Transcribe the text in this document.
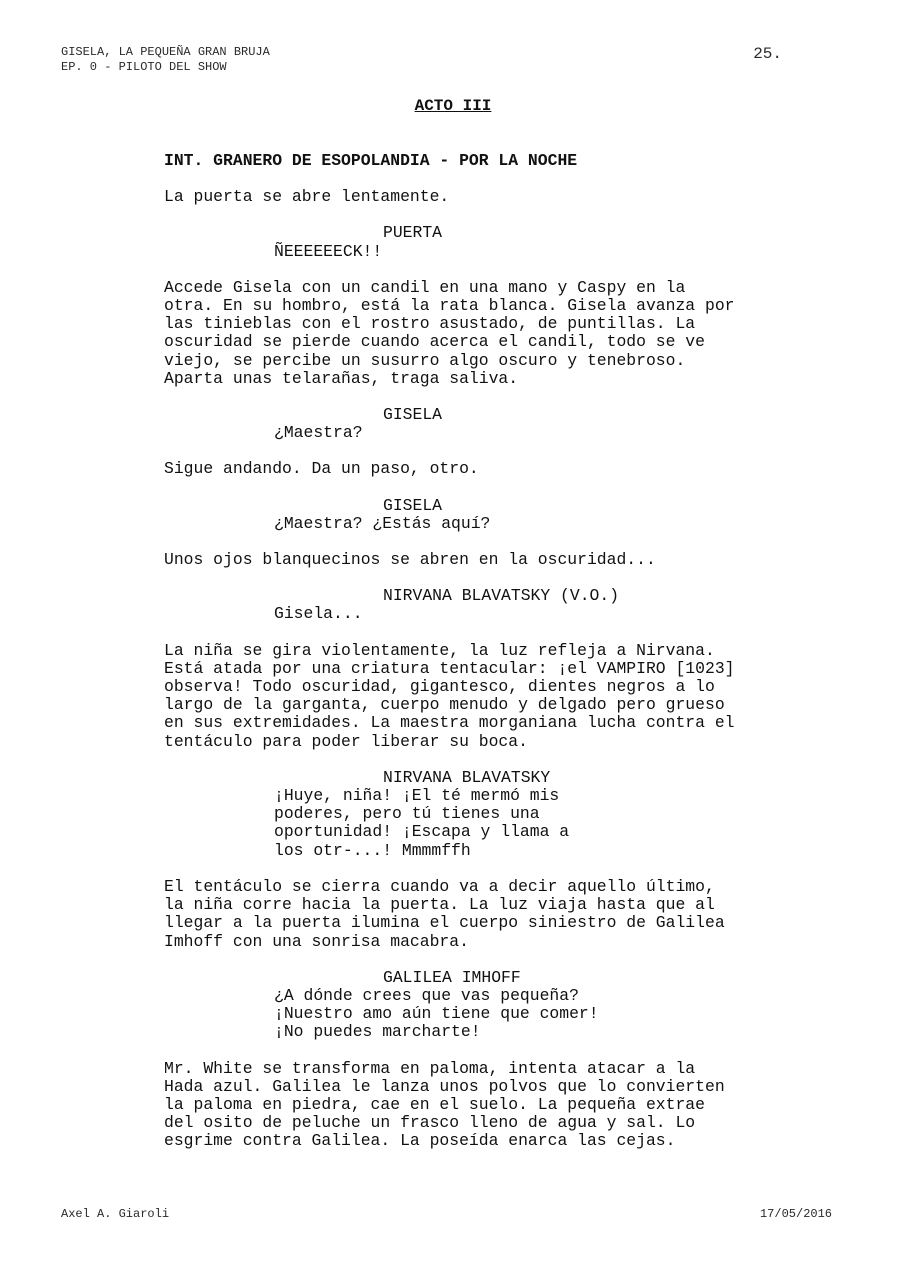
GISELA, LA PEQUEÑA GRAN BRUJA
EP. 0 - PILOTO DEL SHOW
25.
ACTO III
INT. GRANERO DE ESOPOLANDIA - POR LA NOCHE
La puerta se abre lentamente.
PUERTA
ÑEEEEEECK!!
Accede Gisela con un candil en una mano y Caspy en la
otra. En su hombro, está la rata blanca. Gisela avanza por
las tinieblas con el rostro asustado, de puntillas. La
oscuridad se pierde cuando acerca el candil, todo se ve
viejo, se percibe un susurro algo oscuro y tenebroso.
Aparta unas telarañas, traga saliva.
GISELA
¿Maestra?
Sigue andando. Da un paso, otro.
GISELA
¿Maestra? ¿Estás aquí?
Unos ojos blanquecinos se abren en la oscuridad...
NIRVANA BLAVATSKY (V.O.)
Gisela...
La niña se gira violentamente, la luz refleja a Nirvana.
Está atada por una criatura tentacular: ¡el VAMPIRO [1023]
observa! Todo oscuridad, gigantesco, dientes negros a lo
largo de la garganta, cuerpo menudo y delgado pero grueso
en sus extremidades. La maestra morganiana lucha contra el
tentáculo para poder liberar su boca.
NIRVANA BLAVATSKY
¡Huye, niña! ¡El té mermó mis
poderes, pero tú tienes una
oportunidad! ¡Escapa y llama a
los otr-...! Mmmmffh
El tentáculo se cierra cuando va a decir aquello último,
la niña corre hacia la puerta. La luz viaja hasta que al
llegar a la puerta ilumina el cuerpo siniestro de Galilea
Imhoff con una sonrisa macabra.
GALILEA IMHOFF
¿A dónde crees que vas pequeña?
¡Nuestro amo aún tiene que comer!
¡No puedes marcharte!
Mr. White se transforma en paloma, intenta atacar a la
Hada azul. Galilea le lanza unos polvos que lo convierten
la paloma en piedra, cae en el suelo. La pequeña extrae
del osito de peluche un frasco lleno de agua y sal. Lo
esgrime contra Galilea. La poseída enarca las cejas.
Axel A. Giaroli	17/05/2016
